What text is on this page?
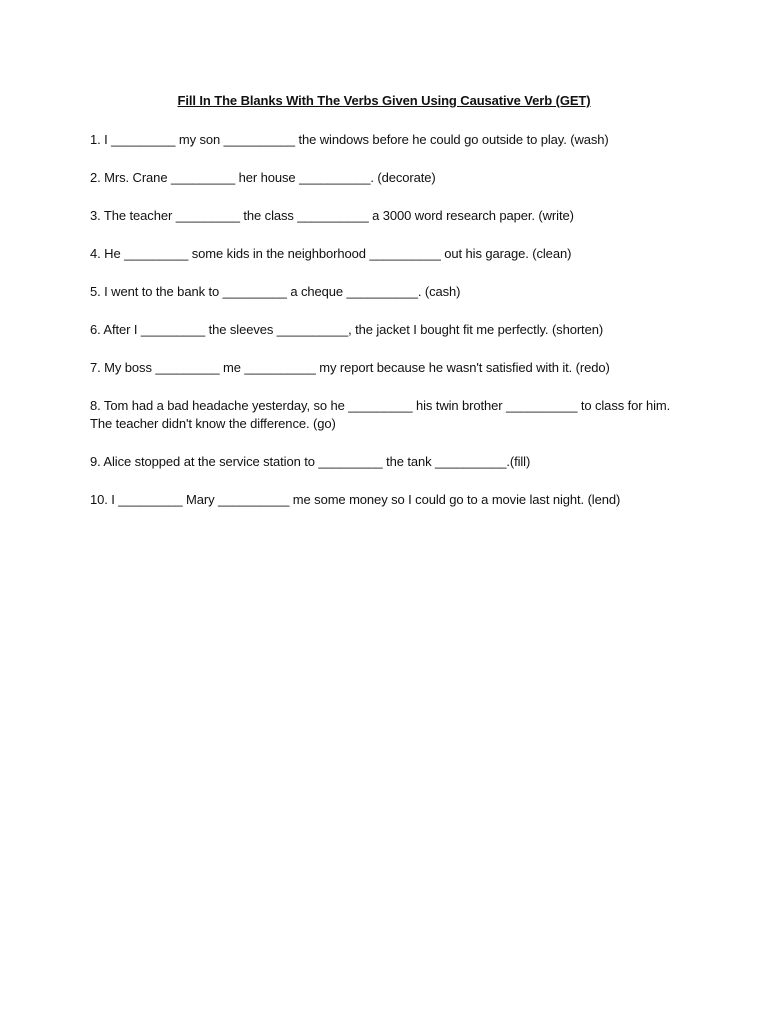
Fill In The Blanks With The Verbs Given Using Causative Verb (GET)
1. I _________ my son __________ the windows before he could go outside to play. (wash)
2. Mrs. Crane _________ her house __________. (decorate)
3. The teacher _________ the class __________ a 3000 word research paper. (write)
4. He _________ some kids in the neighborhood __________ out his garage. (clean)
5. I went to the bank to _________ a cheque __________. (cash)
6. After I _________ the sleeves __________, the jacket I bought fit me perfectly. (shorten)
7. My boss _________ me __________ my report because he wasn't satisfied with it. (redo)
8. Tom had a bad headache yesterday, so he _________ his twin brother __________ to class for him. The teacher didn't know the difference. (go)
9. Alice stopped at the service station to _________ the tank __________.(fill)
10. I _________ Mary __________ me some money so I could go to a movie last night. (lend)
